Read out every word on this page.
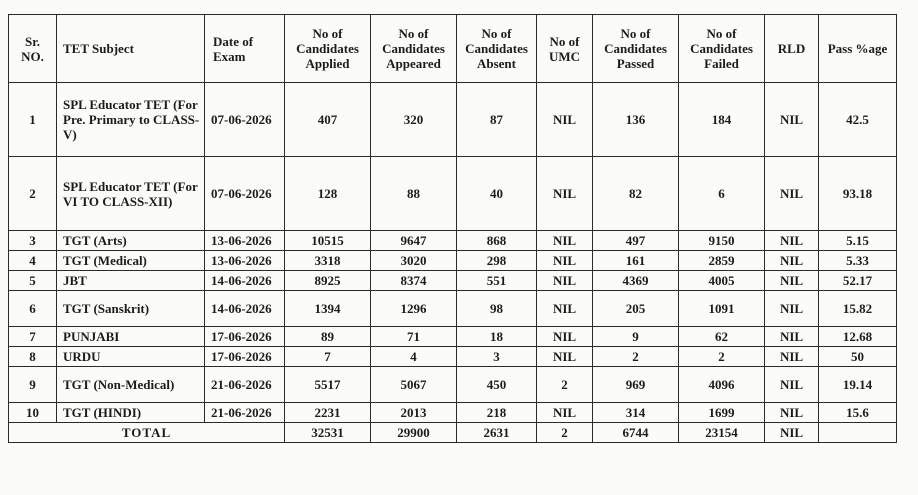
Sr. NO.	TET Subject	Date of Exam	No of Candidates Applied	No of Candidates Appeared	No of Candidates Absent	No of UMC	No of Candidates Passed	No of Candidates Failed	RLD	Pass %age
1	SPL Educator TET (For Pre. Primary to CLASS- V)	07-06-2026	407	320	87	NIL	136	184	NIL	42.5
2	SPL Educator TET (For VI TO CLASS-XII)	07-06-2026	128	88	40	NIL	82	6	NIL	93.18
3	TGT (Arts)	13-06-2026	10515	9647	868	NIL	497	9150	NIL	5.15
4	TGT (Medical)	13-06-2026	3318	3020	298	NIL	161	2859	NIL	5.33
5	JBT	14-06-2026	8925	8374	551	NIL	4369	4005	NIL	52.17
6	TGT (Sanskrit)	14-06-2026	1394	1296	98	NIL	205	1091	NIL	15.82
7	PUNJABI	17-06-2026	89	71	18	NIL	9	62	NIL	12.68
8	URDU	17-06-2026	7	4	3	NIL	2	2	NIL	50
9	TGT (Non-Medical)	21-06-2026	5517	5067	450	2	969	4096	NIL	19.14
10	TGT (HINDI)	21-06-2026	2231	2013	218	NIL	314	1699	NIL	15.6
TOTAL			32531	29900	2631	2	6744	23154	NIL	
